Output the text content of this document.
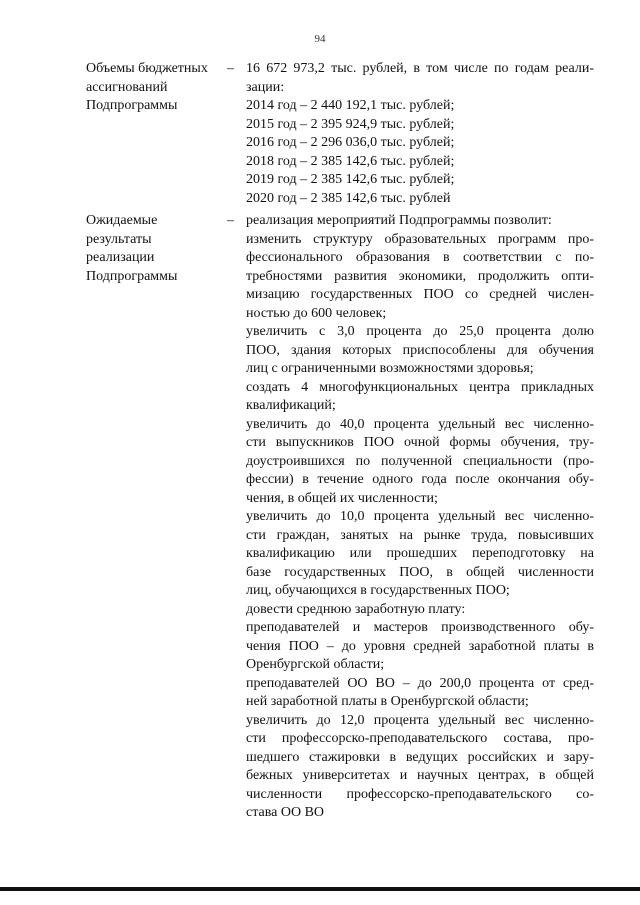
94
Объемы бюджетных
ассигнований
Подпрограммы
– 16 672 973,2 тыс. рублей, в том числе по годам реали-
зации:
2014 год – 2 440 192,1 тыс. рублей;
2015 год – 2 395 924,9 тыс. рублей;
2016 год – 2 296 036,0 тыс. рублей;
2018 год – 2 385 142,6 тыс. рублей;
2019 год – 2 385 142,6 тыс. рублей;
2020 год – 2 385 142,6 тыс. рублей
Ожидаемые
результаты
реализации
Подпрограммы
– реализация мероприятий Подпрограммы позволит:
изменить структуру образовательных программ про-
фессионального образования в соответствии с по-
требностями развития экономики, продолжить опти-
мизацию государственных ПОО со средней числен-
ностью до 600 человек;
увеличить с 3,0 процента до 25,0 процента долю
ПОО, здания которых приспособлены для обучения
лиц с ограниченными возможностями здоровья;
создать 4 многофункциональных центра прикладных
квалификаций;
увеличить до 40,0 процента удельный вес численно-
сти выпускников ПОО очной формы обучения, тру-
доустроившихся по полученной специальности (про-
фессии) в течение одного года после окончания обу-
чения, в общей их численности;
увеличить до 10,0 процента удельный вес численно-
сти граждан, занятых на рынке труда, повысивших
квалификацию или прошедших переподготовку на
базе государственных ПОО, в общей численности
лиц, обучающихся в государственных ПОО;
довести среднюю заработную плату:
преподавателей и мастеров производственного обу-
чения ПОО – до уровня средней заработной платы в
Оренбургской области;
преподавателей ОО ВО – до 200,0 процента от сред-
ней заработной платы в Оренбургской области;
увеличить до 12,0 процента удельный вес численно-
сти профессорско-преподавательского состава, про-
шедшего стажировки в ведущих российских и зару-
бежных университетах и научных центрах, в общей
численности профессорско-преподавательского со-
става ОО ВО
